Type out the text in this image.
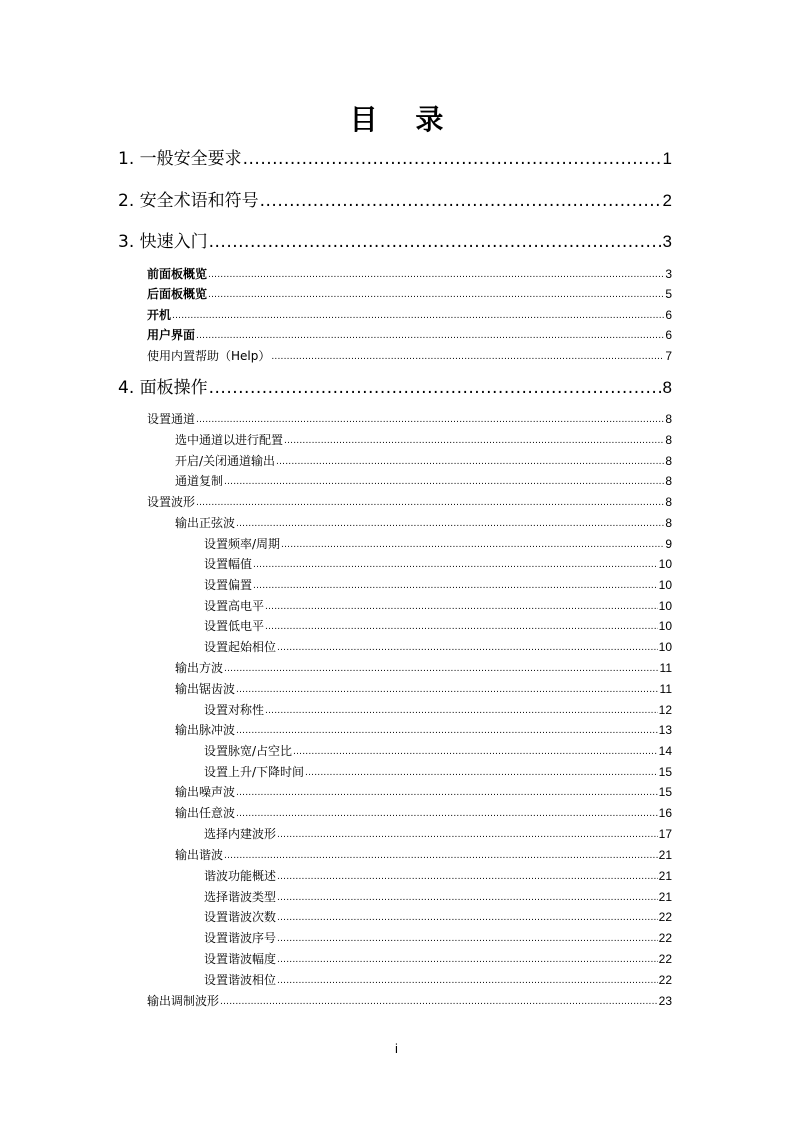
目 录
1. 一般安全要求 .....	1
2. 安全术语和符号 .....	2
3. 快速入门 .....	3
前面板概览 .....	3
后面板概览 .....	5
开机 .....	6
用户界面 .....	6
使用内置帮助（Help） .....	7
4. 面板操作 .....	8
设置通道 .....	8
选中通道以进行配置 .....	8
开启/关闭通道输出 .....	8
通道复制 .....	8
设置波形 .....	8
输出正弦波 .....	8
设置频率/周期 .....	9
设置幅值 .....	10
设置偏置 .....	10
设置高电平 .....	10
设置低电平 .....	10
设置起始相位 .....	10
输出方波 .....	11
输出锯齿波 .....	11
设置对称性 .....	12
输出脉冲波 .....	13
设置脉宽/占空比 .....	14
设置上升/下降时间 .....	15
输出噪声波 .....	15
输出任意波 .....	16
选择内建波形 .....	17
输出谐波 .....	21
谐波功能概述 .....	21
选择谐波类型 .....	21
设置谐波次数 .....	22
设置谐波序号 .....	22
设置谐波幅度 .....	22
设置谐波相位 .....	22
输出调制波形 .....	23
i
